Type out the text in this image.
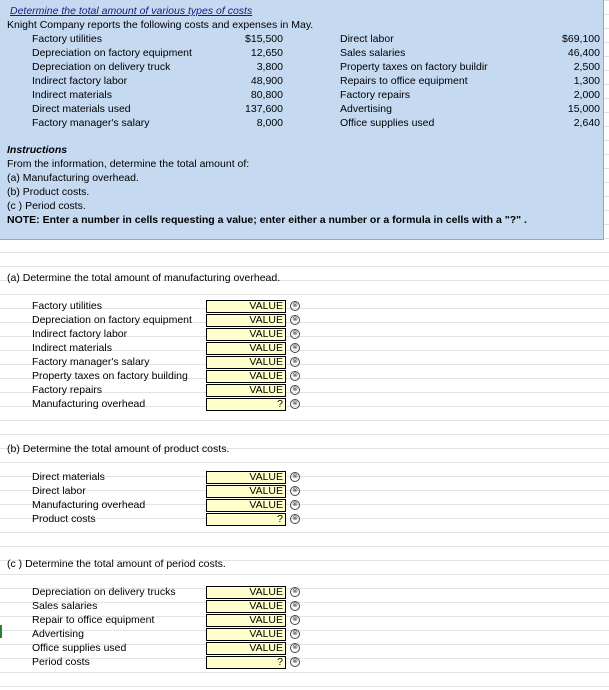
Determine the total amount of various types of costs
Knight Company reports the following costs and expenses in May.
Factory utilities	$15,500
Depreciation on factory equipment	12,650
Depreciation on delivery truck	3,800
Indirect factory labor	48,900
Indirect materials	80,800
Direct materials used	137,600
Factory manager's salary	8,000
Direct labor	$69,100
Sales salaries	46,400
Property taxes on factory buildir	2,500
Repairs to office equipment	1,300
Factory repairs	2,000
Advertising	15,000
Office supplies used	2,640
Instructions
From the information, determine the total amount of:
(a) Manufacturing overhead.
(b) Product costs.
(c ) Period costs.
NOTE: Enter a number in cells requesting a value; enter either a number or a formula in cells with a "?" .
(a) Determine the total amount of manufacturing overhead.
Factory utilities	VALUE	⊗
Depreciation on factory equipment	VALUE	⊗
Indirect factory labor	VALUE	⊗
Indirect materials	VALUE	⊗
Factory manager's salary	VALUE	⊗
Property taxes on factory building	VALUE	⊗
Factory repairs	VALUE	⊗
Manufacturing overhead	?	⊗
(b) Determine the total amount of product costs.
Direct materials	VALUE	⊗
Direct labor	VALUE	⊗
Manufacturing overhead	VALUE	⊗
Product costs	?	⊗
(c ) Determine the total amount of period costs.
Depreciation on delivery trucks	VALUE	⊗
Sales salaries	VALUE	⊗
Repair to office equipment	VALUE	⊗
Advertising	VALUE	⊗
Office supplies used	VALUE	⊗
Period costs	?	⊗
